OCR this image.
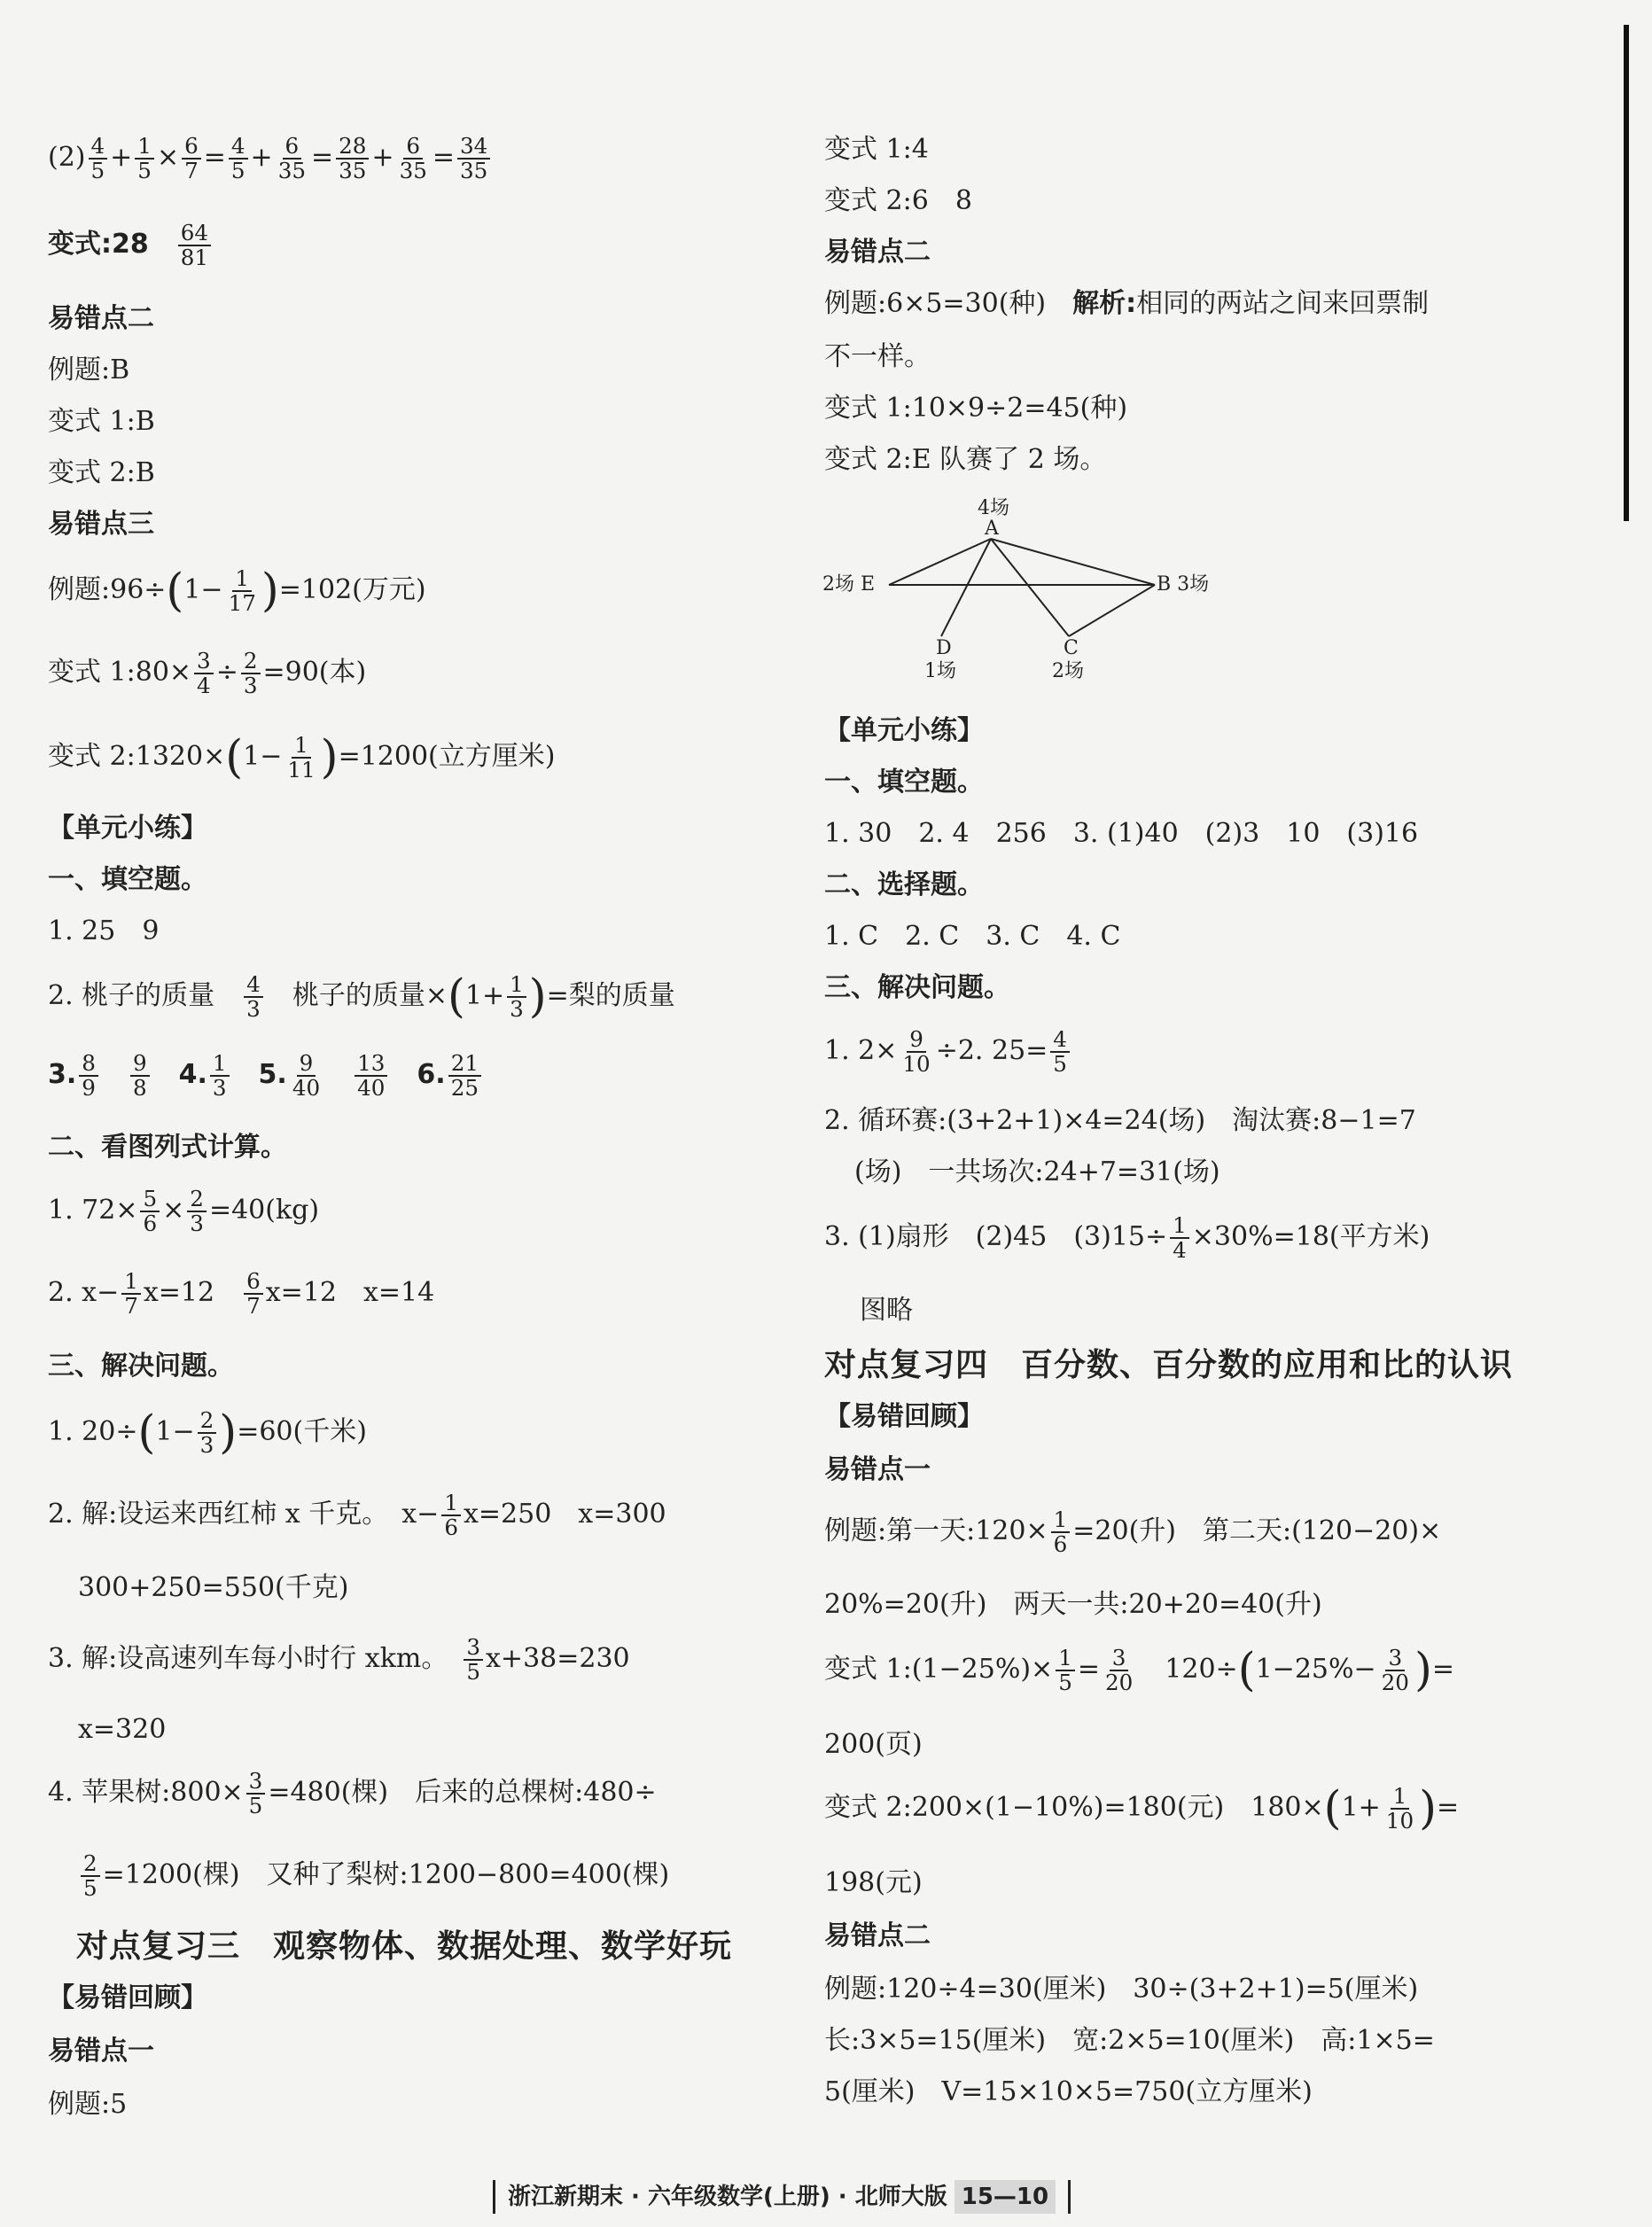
$(2) \frac{4}{5} + \frac{1}{5} \times \frac{6}{7} = \frac{4}{5} + \frac{6}{35} = \frac{28}{35} + \frac{6}{35} = \frac{34}{35}$
变式:28　 $\frac{64}{81}$
易错点二
例题:B
变式 1:B
变式 2:B
易错点三
例题:96÷(1− $\frac{1}{17} )=102$(万元)
变式 1:80× $\frac{3}{4} \div \frac{2}{3} =90$(本)
变式 2:1320×(1− $\frac{1}{11} )=1200$(立方厘米)
【单元小练】
一、填空题。
1. 25　9
2. 桃子的质量　 $\frac{4}{3}$
　 桃子的质量$\times(1+ \frac{1}{3}$ )=梨的质量
3. $\frac{8}{9}$
　 $\frac{9}{8}$
　 4. $\frac{1}{3}$
　 5. $\frac{9}{40}$
　 $\frac{13}{40}$
　 6. $\frac{21}{25}$
二、看图列式计算。
1. $72\times \frac{5}{6} \times \frac{2}{3} =40(kg)$
2. $x- \frac{1}{7} x=12$　 $\frac{6}{7} x=12$　x=14
三、解决问题。
1. $20\div(1- \frac{2}{3} )=60$(千米)
2. 解:设运来西红柿 x 千克。　$x- \frac{1}{6} x=250$　x=300
300+250=550(千克)
3. 解:设高速列车每小时行 xkm。　 $\frac{3}{5} x+38=230$
x=320
4. 苹果树:800× $\frac{3}{5} =480$(棵)　后来的总棵树:480÷
$\frac{2}{5} =1200$(棵)　又种了梨树:1200−800=400(棵)
对点复习三　观察物体、数据处理、数学好玩
【易错回顾】
易错点一
例题:5
变式 1:4
变式 2:6　8
易错点二
例题:6×5=30(种)　 解析:相同的两站之间来回票制
不一样。
变式 1:10×9÷2=45(种)
变式 2:E 队赛了 2 场。
4场
A
2场 E	B 3场
D
1场
C
2场
【单元小练】
一、填空题。
1. 30　2. 4　256　3. (1)40　(2)3　10　(3)16
二、选择题。
1. C　2. C　3. C　4. C
三、解决问题。
1. $2\times \frac{9}{10} \div 2$. $25= \frac{4}{5}$
2. 循环赛:(3+2+1)×4=24(场)　淘汰赛:8−1=7
(场)　一共场次:24+7=31(场)
3. (1)扇形　(2)45　$(3)15\div \frac{1}{4} \times 30\%=18$(平方米)
图略
对点复习四　百分数、百分数的应用和比的认识
【易错回顾】
易错点一
例题:第一天:120× $\frac{1}{6} =20$(升)　第二天:(120−20)×
20%=20(升)　两天一共:20+20=40(升)
变式 1:(1−25%)× $\frac{1}{5} = \frac{3}{20}$
　 $120\div(1-25\%- \frac{3}{20}$ )=
200(页)
变式 2:200×(1−10%)=180(元)　$180\times(1+ \frac{1}{10}$ )=
198(元)
易错点二
例题:120÷4=30(厘米)　30÷(3+2+1)=5(厘米)
长:3×5=15(厘米)　宽:2×5=10(厘米)　高:1×5=
5(厘米)　V=15×10×5=750(立方厘米)
浙江新期末 · 六年级数学(上册) · 北师大版 15—10
